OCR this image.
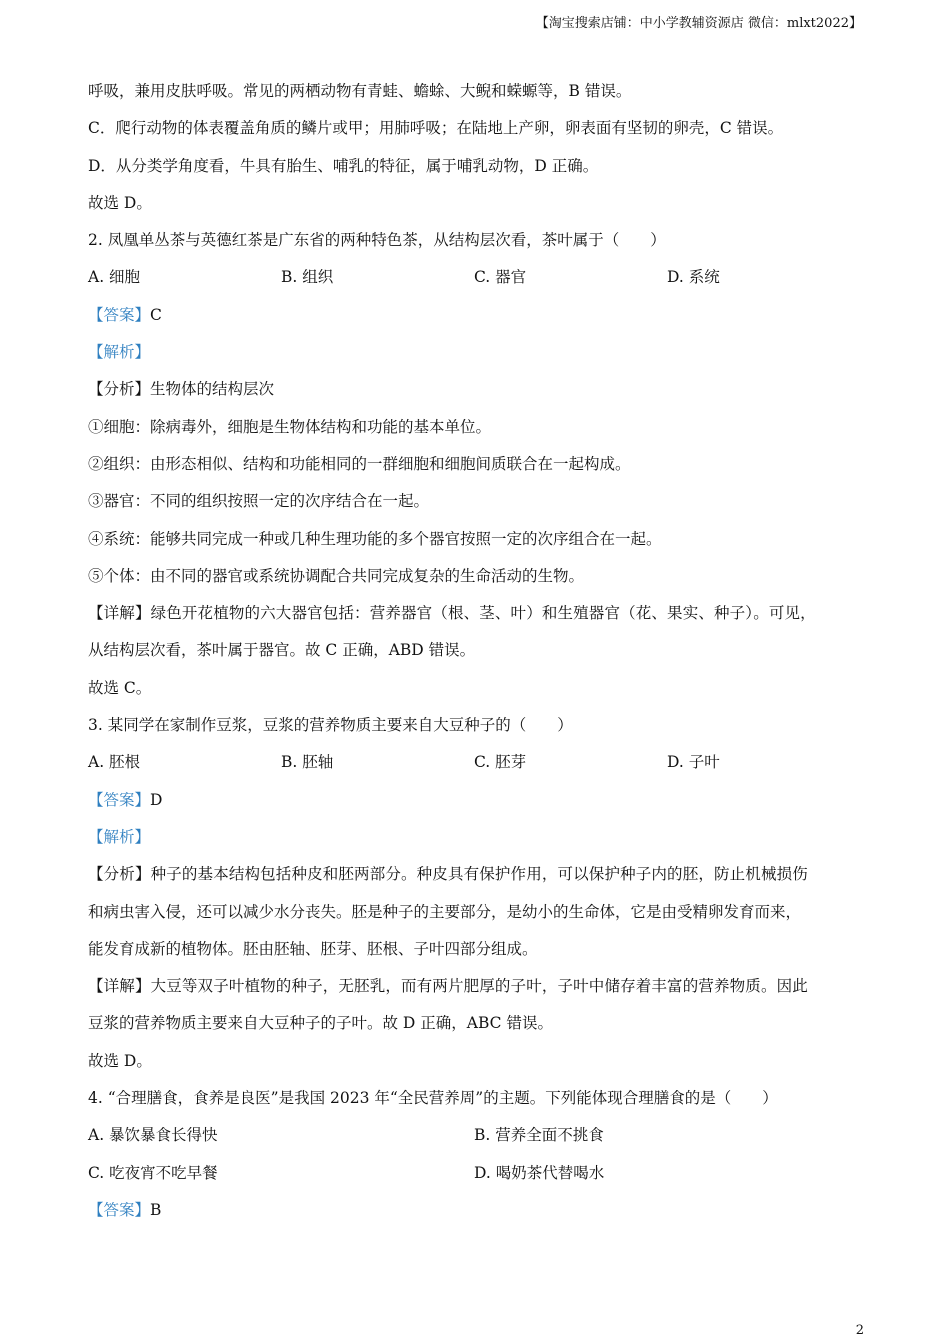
【淘宝搜索店铺：中小学教辅资源店 微信：mlxt2022】
呼吸，兼用皮肤呼吸。常见的两栖动物有青蛙、蟾蜍、大鲵和蝾螈等，B 错误。
C．爬行动物的体表覆盖角质的鳞片或甲；用肺呼吸；在陆地上产卵，卵表面有坚韧的卵壳，C 错误。
D．从分类学角度看，牛具有胎生、哺乳的特征，属于哺乳动物，D 正确。
故选 D。
2. 凤凰单丛茶与英德红茶是广东省的两种特色茶，从结构层次看，茶叶属于（　　）
A. 细胞	B. 组织	C. 器官	D. 系统
【答案】C
【解析】
【分析】生物体的结构层次
①细胞：除病毒外，细胞是生物体结构和功能的基本单位。
②组织：由形态相似、结构和功能相同的一群细胞和细胞间质联合在一起构成。
③器官：不同的组织按照一定的次序结合在一起。
④系统：能够共同完成一种或几种生理功能的多个器官按照一定的次序组合在一起。
⑤个体：由不同的器官或系统协调配合共同完成复杂的生命活动的生物。
【详解】绿色开花植物的六大器官包括：营养器官（根、茎、叶）和生殖器官（花、果实、种子）。可见，
从结构层次看，茶叶属于器官。故 C 正确，ABD 错误。
故选 C。
3. 某同学在家制作豆浆，豆浆的营养物质主要来自大豆种子的（　　）
A. 胚根	B. 胚轴	C. 胚芽	D. 子叶
【答案】D
【解析】
【分析】种子的基本结构包括种皮和胚两部分。种皮具有保护作用，可以保护种子内的胚，防止机械损伤
和病虫害入侵，还可以减少水分丧失。胚是种子的主要部分，是幼小的生命体，它是由受精卵发育而来，
能发育成新的植物体。胚由胚轴、胚芽、胚根、子叶四部分组成。
【详解】大豆等双子叶植物的种子，无胚乳，而有两片肥厚的子叶，子叶中储存着丰富的营养物质。因此
豆浆的营养物质主要来自大豆种子的子叶。故 D 正确，ABC 错误。
故选 D。
4. “合理膳食，食养是良医”是我国 2023 年“全民营养周”的主题。下列能体现合理膳食的是（　　）
A. 暴饮暴食长得快	B. 营养全面不挑食
C. 吃夜宵不吃早餐	D. 喝奶茶代替喝水
【答案】B
2
